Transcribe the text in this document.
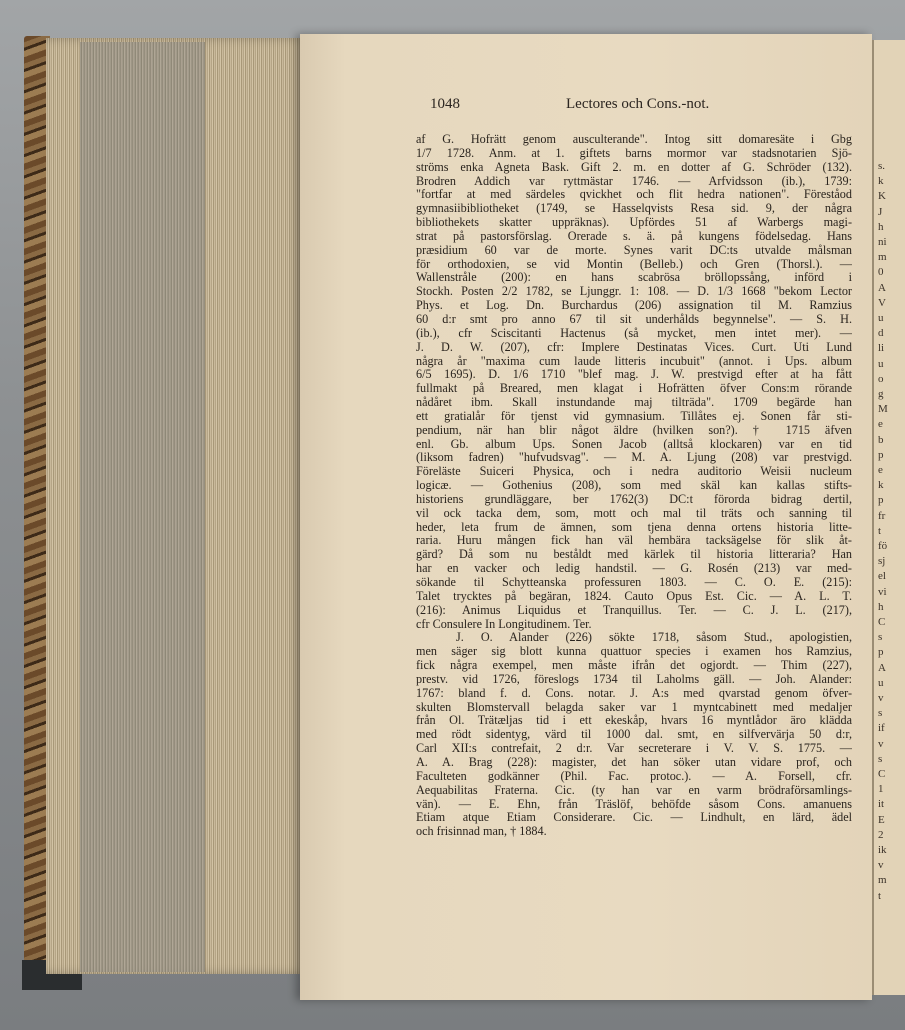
s.
k
K
J
h
ni
m
0
A
V
u
d
li
u
o
g
M
e
b
p
e
k
p
fr
t
fö
sj
el
vi
h
C
s
p
A
u
v
s
if
v
s
C
1
it
E
2
ik
v
m
t
1048	Lectores och Cons.-not.
af G. Hofrätt genom ausculterande". Intog sitt domaresäte i Gbg
1/7 1728. Anm. at 1. giftets barns mormor var stadsnotarien Sjö-
ströms enka Agneta Bask. Gift 2. m. en dotter af G. Schröder (132).
Brodren Addich var ryttmästar 1746. — Arfvidsson (ib.), 1739:
"fortfar at med särdeles qvickhet och flit hedra nationen". Föreståod
gymnasiibibliotheket (1749, se Hasselqvists Resa sid. 9, der några
bibliothekets skatter uppräknas). Upfördes 51 af Warbergs magi-
strat på pastorsförslag. Orerade s. ä. på kungens födelsedag. Hans
præsidium 60 var de morte. Synes varit DC:ts utvalde målsman
för orthodoxien, se vid Montin (Belleb.) och Gren (Thorsl.). —
Wallenstråle (200): en hans scabrösa bröllopssång, införd i
Stockh. Posten 2/2 1782, se Ljunggr. 1: 108. — D. 1/3 1668 "bekom Lector
Phys. et Log. Dn. Burchardus (206) assignation til M. Ramzius
60 d:r smt pro anno 67 til sit underhålds begynnelse". — S. H.
(ib.), cfr Sciscitanti Hactenus (så mycket, men intet mer). —
J. D. W. (207), cfr: Implere Destinatas Vices. Curt. Uti Lund
några år "maxima cum laude litteris incubuit" (annot. i Ups. album
6/5 1695). D. 1/6 1710 "blef mag. J. W. prestvigd efter at ha fått
fullmakt på Breared, men klagat i Hofrätten öfver Cons:m rörande
nådåret ibm. Skall instundande maj tilträda". 1709 begärde han
ett gratialår för tjenst vid gymnasium. Tillåtes ej. Sonen får sti-
pendium, när han blir något äldre (hvilken son?). † 1715 äfven
enl. Gb. album Ups. Sonen Jacob (alltså klockaren) var en tid
(liksom fadren) "hufvudsvag". — M. A. Ljung (208) var prestvigd.
Föreläste Suiceri Physica, och i nedra auditorio Weisii nucleum
logicæ. — Gothenius (208), som med skäl kan kallas stifts-
historiens grundläggare, ber 1762(3) DC:t förorda bidrag dertil,
vil ock tacka dem, som, mott och mal til träts och sanning til
heder, leta frum de ämnen, som tjena denna ortens historia litte-
raria. Huru mången fick han väl hembära tacksägelse för slik åt-
gärd? Då som nu beståldt med kärlek til historia litteraria? Han
har en vacker och ledig handstil. — G. Rosén (213) var med-
sökande til Schytteanska professuren 1803. — C. O. E. (215):
Talet trycktes på begäran, 1824. Cauto Opus Est. Cic. — A. L. T.
(216): Animus Liquidus et Tranquillus. Ter. — C. J. L. (217),
cfr Consulere In Longitudinem. Ter.
J. O. Alander (226) sökte 1718, såsom Stud., apologistien,
men säger sig blott kunna quattuor species i examen hos Ramzius,
fick några exempel, men måste ifrån det ogjordt. — Thim (227),
prestv. vid 1726, föreslogs 1734 til Laholms gäll. — Joh. Alander:
1767: bland f. d. Cons. notar. J. A:s med qvarstad genom öfver-
skulten Blomstervall belagda saker var 1 myntcabinett med medaljer
från Ol. Trätæljas tid i ett ekeskåp, hvars 16 myntlådor äro klädda
med rödt sidentyg, värd til 1000 dal. smt, en silfvervärja 50 d:r,
Carl XII:s contrefait, 2 d:r. Var secreterare i V. V. S. 1775. —
A. A. Brag (228): magister, det han söker utan vidare prof, och
Faculteten godkänner (Phil. Fac. protoc.). — A. Forsell, cfr.
Aequabilitas Fraterna. Cic. (ty han var en varm brödraförsamlings-
vän). — E. Ehn, från Träslöf, behöfde såsom Cons. amanuens
Etiam atque Etiam Considerare. Cic. — Lindhult, en lärd, ädel
och frisinnad man, † 1884.
